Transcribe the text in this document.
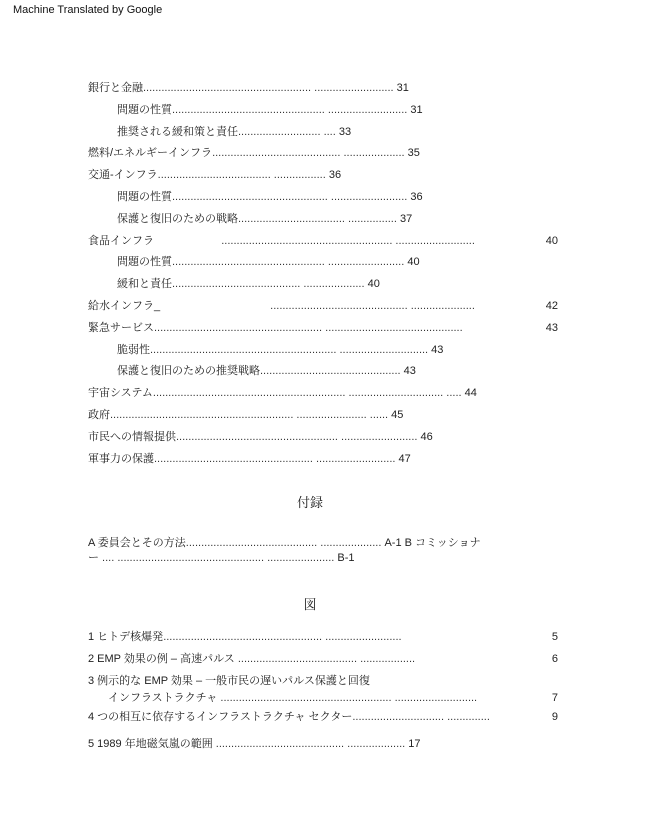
Machine Translated by Google
銀行と金融....................................................... .......................... 31
問題の性質.................................................. .......................... 31
推奨される緩和策と責任........................... .... 33
燃料/エネルギーインフラ.......................................... .................... 35
交通-インフラ..................................... ................. 36
問題の性質................................................... ......................... 36
保護と復旧のための戦略................................... ................ 37
食品インフラ ........................................................ ..........................	40
問題の性質.................................................. ......................... 40
緩和と責任.......................................... .................... 40
給水インフラ_ ............................................. .....................	42
緊急サービス ....................................................... .............................................	43
脆弱性............................................................. ............................. 43
保護と復旧のための推奨戦略.............................................. 43
宇宙システム............................................................... ............................... ..... 44
政府............................................................ ....................... ...... 45
市民への情報提供..................................................... ......................... 46
軍事力の保護.................................................... .......................... 47
付録
A 委員会とその方法........................................... .................... A-1 B コミッショナ
ー .... ................................................ ...................... B-1
図
1 ヒトデ核爆発 .................................................... .........................	5
2 EMP 効果の例 – 高速パルス ....................................... ..................	6
3 例示的な EMP 効果 – 一般市民の遅いパルス保護と回復
インフラストラクチャ ........................................................ ...........................	7
4 つの相互に依存するインフラストラクチャ セクター .............................. ..............	9
5 1989 年地磁気嵐の範囲 .......................................... ................... 17
